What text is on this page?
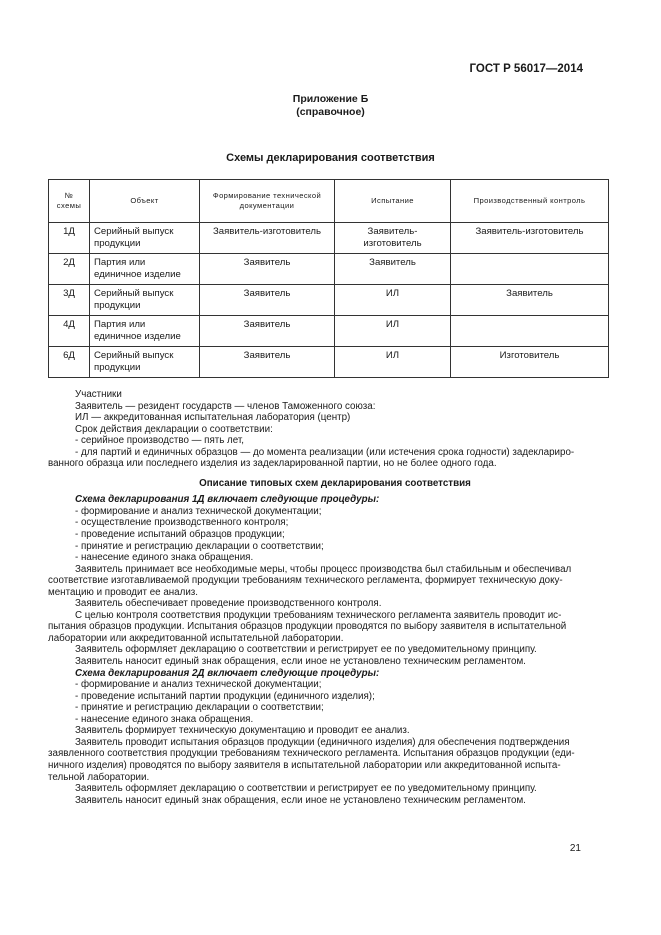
ГОСТ Р 56017—2014
Приложение Б
(справочное)
Схемы декларирования соответствия
№ схемы	Объект	Формирование технической документации	Испытание	Производственный контроль
1Д	Серийный выпуск продукции	Заявитель-изготовитель	Заявитель-изготовитель	Заявитель-изготовитель
2Д	Партия или единичное изделие	Заявитель	Заявитель	
3Д	Серийный выпуск продукции	Заявитель	ИЛ	Заявитель
4Д	Партия или единичное изделие	Заявитель	ИЛ	
6Д	Серийный выпуск продукции	Заявитель	ИЛ	Изготовитель

Участники

Заявитель — резидент государств — членов Таможенного союза:

ИЛ — аккредитованная испытательная лаборатория (центр)

Срок действия декларации о соответствии:

- серийное производство — пять лет,

- для партий и единичных образцов — до момента реализации (или истечения срока годности) задеклариро-

ванного образца или последнего изделия из задекларированной партии, но не более одного года.

Описание типовых схем декларирования соответствия

Схема декларирования 1Д включает следующие процедуры:

- формирование и анализ технической документации;

- осуществление производственного контроля;

- проведение испытаний образцов продукции;

- принятие и регистрацию декларации о соответствии;

- нанесение единого знака обращения.

Заявитель принимает все необходимые меры, чтобы процесс производства был стабильным и обеспечивал

соответствие изготавливаемой продукции требованиям технического регламента, формирует техническую доку-

ментацию и проводит ее анализ.

Заявитель обеспечивает проведение производственного контроля.

С целью контроля соответствия продукции требованиям технического регламента заявитель проводит ис-

пытания образцов продукции. Испытания образцов продукции проводятся по выбору заявителя в испытательной

лаборатории или аккредитованной испытательной лаборатории.

Заявитель оформляет декларацию о соответствии и регистрирует ее по уведомительному принципу.

Заявитель наносит единый знак обращения, если иное не установлено техническим регламентом.

Схема декларирования 2Д включает следующие процедуры:

- формирование и анализ технической документации;

- проведение испытаний партии продукции (единичного изделия);

- принятие и регистрацию декларации о соответствии;

- нанесение единого знака обращения.

Заявитель формирует техническую документацию и проводит ее анализ.

Заявитель проводит испытания образцов продукции (единичного изделия) для обеспечения подтверждения

заявленного соответствия продукции требованиям технического регламента. Испытания образцов продукции (еди-

ничного изделия) проводятся по выбору заявителя в испытательной лаборатории или аккредитованной испыта-

тельной лаборатории.

Заявитель оформляет декларацию о соответствии и регистрирует ее по уведомительному принципу.

Заявитель наносит единый знак обращения, если иное не установлено техническим регламентом.

21
